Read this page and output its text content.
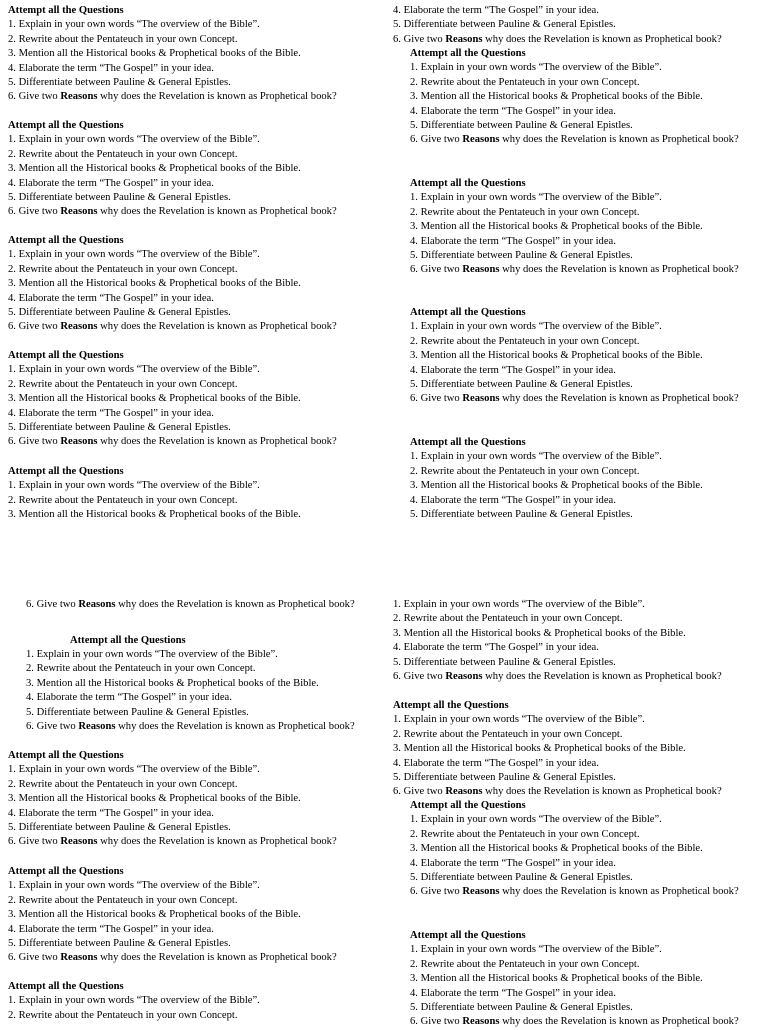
Attempt all the Questions

1. Explain in your own words “The overview of the Bible”.

2. Rewrite about the Pentateuch in your own Concept.

3. Mention all the Historical books & Prophetical books of the Bible.

4. Elaborate the term “The Gospel” in your idea.

5. Differentiate between Pauline & General Epistles.

6. Give two Reasons why does the Revelation is known as Prophetical book?

Attempt all the Questions

1. Explain in your own words “The overview of the Bible”.

2. Rewrite about the Pentateuch in your own Concept.

3. Mention all the Historical books & Prophetical books of the Bible.

4. Elaborate the term “The Gospel” in your idea.

5. Differentiate between Pauline & General Epistles.

6. Give two Reasons why does the Revelation is known as Prophetical book?

Attempt all the Questions

1. Explain in your own words “The overview of the Bible”.

2. Rewrite about the Pentateuch in your own Concept.

3. Mention all the Historical books & Prophetical books of the Bible.

4. Elaborate the term “The Gospel” in your idea.

5. Differentiate between Pauline & General Epistles.

6. Give two Reasons why does the Revelation is known as Prophetical book?

Attempt all the Questions

1. Explain in your own words “The overview of the Bible”.

2. Rewrite about the Pentateuch in your own Concept.

3. Mention all the Historical books & Prophetical books of the Bible.

4. Elaborate the term “The Gospel” in your idea.

5. Differentiate between Pauline & General Epistles.

6. Give two Reasons why does the Revelation is known as Prophetical book?

Attempt all the Questions

1. Explain in your own words “The overview of the Bible”.

2. Rewrite about the Pentateuch in your own Concept.

3. Mention all the Historical books & Prophetical books of the Bible.

4. Elaborate the term “The Gospel” in your idea.

5. Differentiate between Pauline & General Epistles.

6. Give two Reasons why does the Revelation is known as Prophetical book?

Attempt all the Questions

1. Explain in your own words “The overview of the Bible”.

2. Rewrite about the Pentateuch in your own Concept.

3. Mention all the Historical books & Prophetical books of the Bible.

4. Elaborate the term “The Gospel” in your idea.

5. Differentiate between Pauline & General Epistles.

6. Give two Reasons why does the Revelation is known as Prophetical book?

Attempt all the Questions

1. Explain in your own words “The overview of the Bible”.

2. Rewrite about the Pentateuch in your own Concept.

3. Mention all the Historical books & Prophetical books of the Bible.

4. Elaborate the term “The Gospel” in your idea.

5. Differentiate between Pauline & General Epistles.

6. Give two Reasons why does the Revelation is known as Prophetical book?

Attempt all the Questions

1. Explain in your own words “The overview of the Bible”.

2. Rewrite about the Pentateuch in your own Concept.

3. Mention all the Historical books & Prophetical books of the Bible.

4. Elaborate the term “The Gospel” in your idea.

5. Differentiate between Pauline & General Epistles.

6. Give two Reasons why does the Revelation is known as Prophetical book?

Attempt all the Questions

1. Explain in your own words “The overview of the Bible”.

2. Rewrite about the Pentateuch in your own Concept.

3. Mention all the Historical books & Prophetical books of the Bible.

4. Elaborate the term “The Gospel” in your idea.

5. Differentiate between Pauline & General Epistles.

6. Give two Reasons why does the Revelation is known as Prophetical book?

Attempt all the Questions

1. Explain in your own words “The overview of the Bible”.

2. Rewrite about the Pentateuch in your own Concept.

3. Mention all the Historical books & Prophetical books of the Bible.

4. Elaborate the term “The Gospel” in your idea.

5. Differentiate between Pauline & General Epistles.

6. Give two Reasons why does the Revelation is known as Prophetical book?

Attempt all the Questions

1. Explain in your own words “The overview of the Bible”.

2. Rewrite about the Pentateuch in your own Concept.

3. Mention all the Historical books & Prophetical books of the Bible.

4. Elaborate the term “The Gospel” in your idea.

5. Differentiate between Pauline & General Epistles.

6. Give two Reasons why does the Revelation is known as Prophetical book?

Attempt all the Questions

1. Explain in your own words “The overview of the Bible”.

2. Rewrite about the Pentateuch in your own Concept.

3. Mention all the Historical books & Prophetical books of the Bible.

4. Elaborate the term “The Gospel” in your idea.

5. Differentiate between Pauline & General Epistles.

6. Give two Reasons why does the Revelation is known as Prophetical book?

Attempt all the Questions

1. Explain in your own words “The overview of the Bible”.

2. Rewrite about the Pentateuch in your own Concept.

1. Explain in your own words “The overview of the Bible”.

2. Rewrite about the Pentateuch in your own Concept.

3. Mention all the Historical books & Prophetical books of the Bible.

4. Elaborate the term “The Gospel” in your idea.

5. Differentiate between Pauline & General Epistles.

6. Give two Reasons why does the Revelation is known as Prophetical book?

Attempt all the Questions

1. Explain in your own words “The overview of the Bible”.

2. Rewrite about the Pentateuch in your own Concept.

3. Mention all the Historical books & Prophetical books of the Bible.

4. Elaborate the term “The Gospel” in your idea.

5. Differentiate between Pauline & General Epistles.

6. Give two Reasons why does the Revelation is known as Prophetical book?

Attempt all the Questions

1. Explain in your own words “The overview of the Bible”.

2. Rewrite about the Pentateuch in your own Concept.

3. Mention all the Historical books & Prophetical books of the Bible.

4. Elaborate the term “The Gospel” in your idea.

5. Differentiate between Pauline & General Epistles.

6. Give two Reasons why does the Revelation is known as Prophetical book?

Attempt all the Questions

1. Explain in your own words “The overview of the Bible”.

2. Rewrite about the Pentateuch in your own Concept.

3. Mention all the Historical books & Prophetical books of the Bible.

4. Elaborate the term “The Gospel” in your idea.

5. Differentiate between Pauline & General Epistles.

6. Give two Reasons why does the Revelation is known as Prophetical book?
